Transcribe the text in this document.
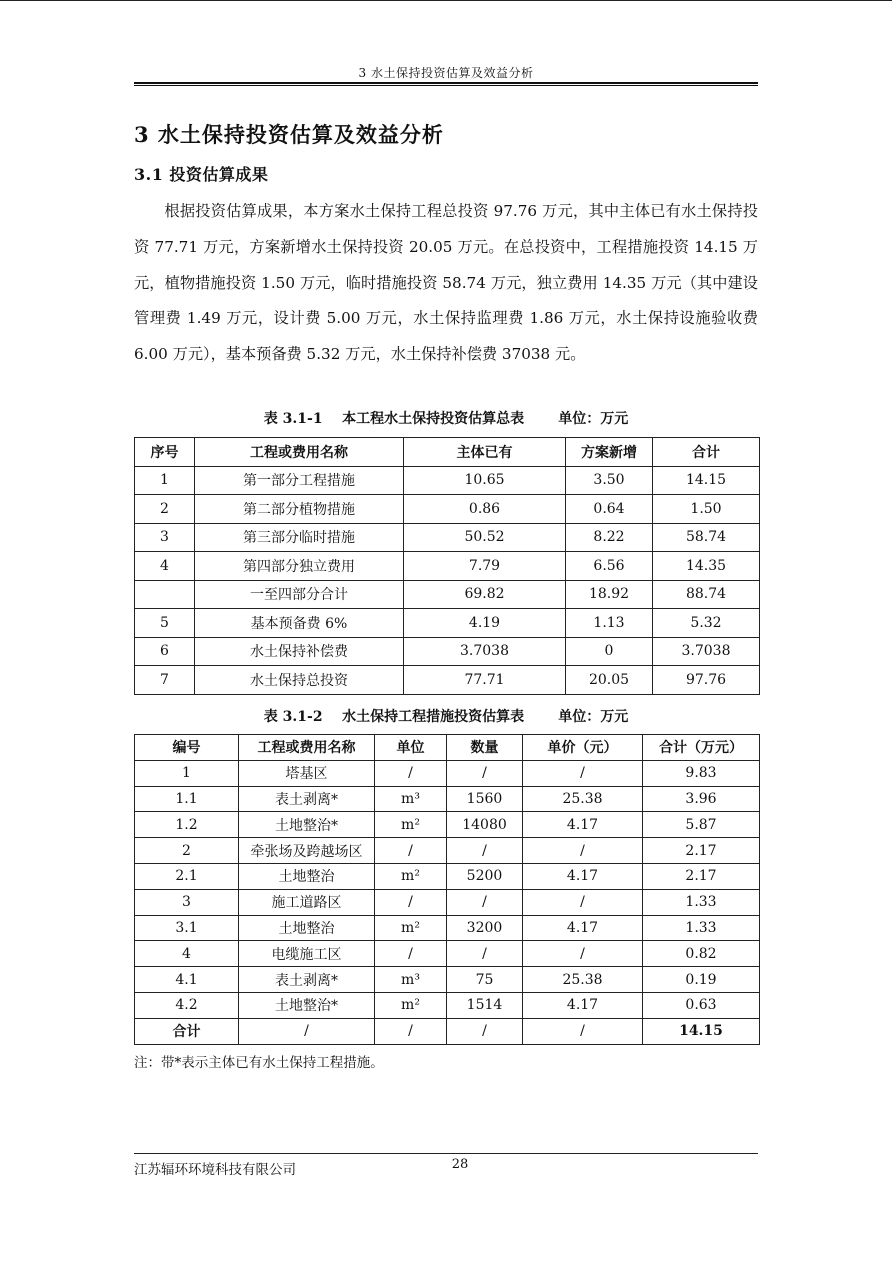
3 水土保持投资估算及效益分析
3 水土保持投资估算及效益分析
3.1 投资估算成果

根据投资估算成果，本方案水土保持工程总投资 97.76 万元，其中主体已有水土保持投资 77.71 万元，方案新增水土保持投资 20.05 万元。在总投资中，工程措施投资 14.15 万元，植物措施投资 1.50 万元，临时措施投资 58.74 万元，独立费用 14.35 万元（其中建设管理费 1.49 万元，设计费 5.00 万元，水土保持监理费 1.86 万元，水土保持设施验收费 6.00 万元），基本预备费 5.32 万元，水土保持补偿费 37038 元。

表 3.1-1    本工程水土保持投资估算总表       单位：万元
序号	工程或费用名称	主体已有	方案新增	合计
1	第一部分工程措施	10.65	3.50	14.15
2	第二部分植物措施	0.86	0.64	1.50
3	第三部分临时措施	50.52	8.22	58.74
4	第四部分独立费用	7.79	6.56	14.35
	一至四部分合计	69.82	18.92	88.74
5	基本预备费 6%	4.19	1.13	5.32
6	水土保持补偿费	3.7038	0	3.7038
7	水土保持总投资	77.71	20.05	97.76
表 3.1-2    水土保持工程措施投资估算表       单位：万元
编号	工程或费用名称	单位	数量	单价（元）	合计（万元）
1	塔基区	/	/	/	9.83
1.1	表土剥离*	m³	1560	25.38	3.96
1.2	土地整治*	m²	14080	4.17	5.87
2	牵张场及跨越场区	/	/	/	2.17
2.1	土地整治	m²	5200	4.17	2.17
3	施工道路区	/	/	/	1.33
3.1	土地整治	m²	3200	4.17	1.33
4	电缆施工区	/	/	/	0.82
4.1	表土剥离*	m³	75	25.38	0.19
4.2	土地整治*	m²	1514	4.17	0.63
合计	/	/	/	/	14.15
注：带*表示主体已有水土保持工程措施。
江苏辐环环境科技有限公司	28
